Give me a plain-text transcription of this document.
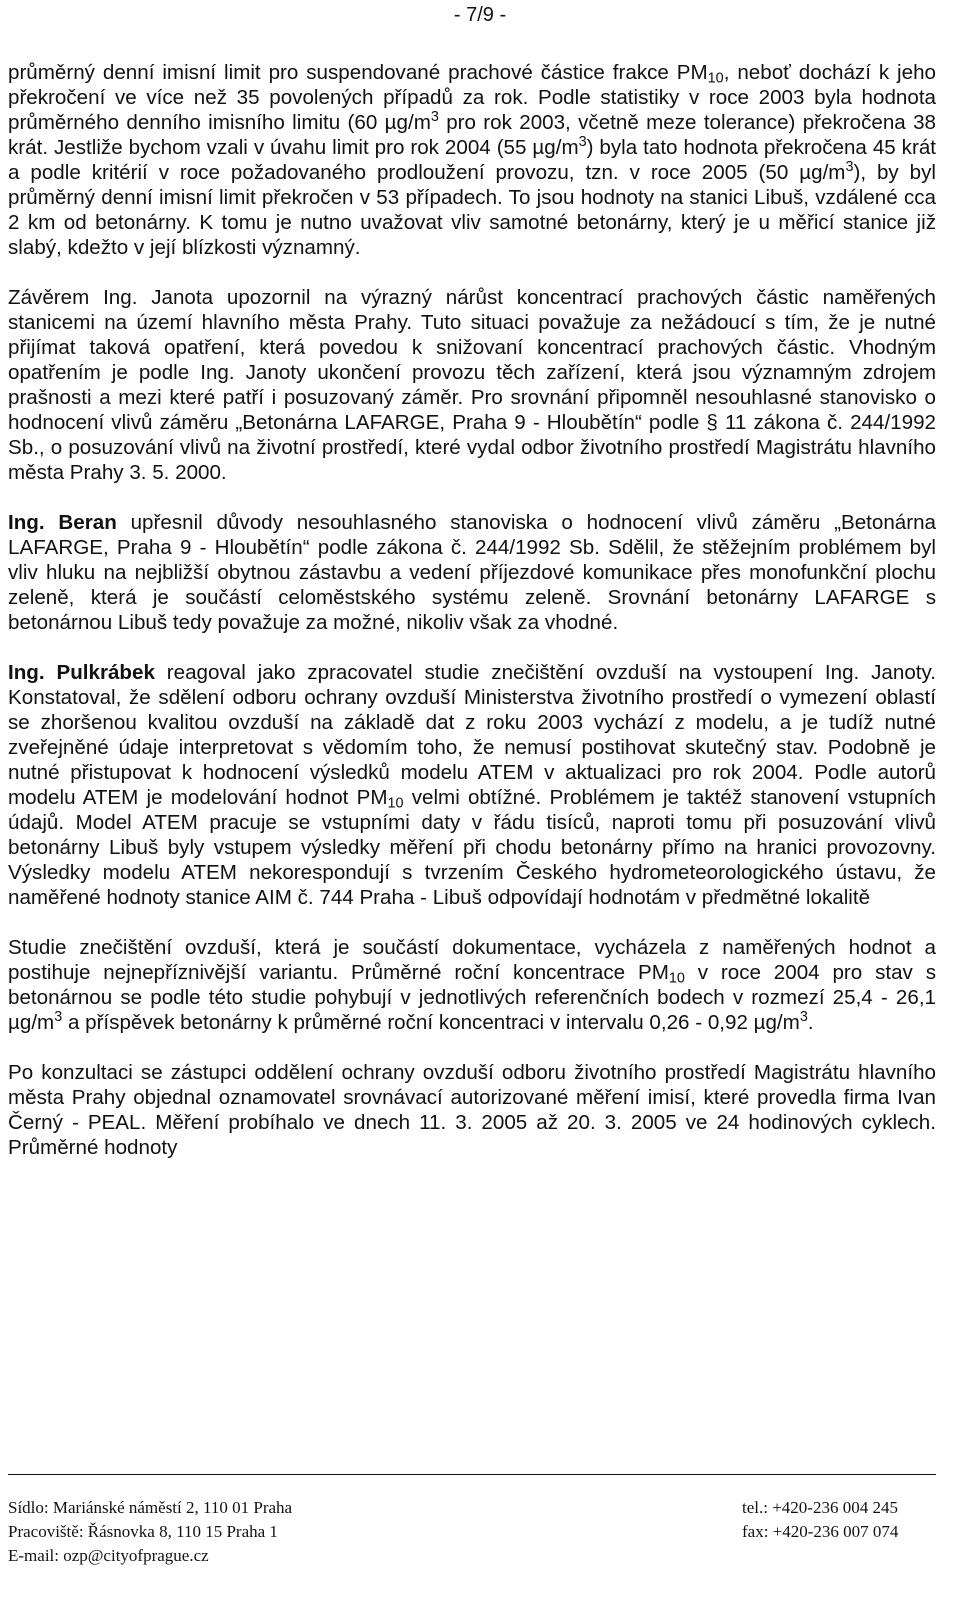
- 7/9 -

průměrný denní imisní limit pro suspendované prachové částice frakce $PM_{10}$, neboť dochází k jeho překročení ve více než 35 povolených případů za rok. Podle statistiky v roce 2003 byla hodnota průměrného denního imisního limitu (60 $\mu g/m^3$ pro rok 2003, včetně meze tolerance) překročena 38 krát. Jestliže bychom vzali v úvahu limit pro rok 2004 (55 $\mu g/m^3$) byla tato hodnota překročena 45 krát a podle kritérií v roce požadovaného prodloužení provozu, tzn. v roce 2005 (50 $\mu g/m^3$), by byl průměrný denní imisní limit překročen v 53 případech. To jsou hodnoty na stanici Libuš, vzdálené cca 2 km od betonárny. K tomu je nutno uvažovat vliv samotné betonárny, který je u měřicí stanice již slabý, kdežto v její blízkosti významný.

Závěrem Ing. Janota upozornil na výrazný nárůst koncentrací prachových částic naměřených stanicemi na území hlavního města Prahy. Tuto situaci považuje za nežádoucí s tím, že je nutné přijímat taková opatření, která povedou k snižovaní koncentrací prachových částic. Vhodným opatřením je podle Ing. Janoty ukončení provozu těch zařízení, která jsou významným zdrojem prašnosti a mezi které patří i posuzovaný záměr. Pro srovnání připomněl nesouhlasné stanovisko o hodnocení vlivů záměru „Betonárna LAFARGE, Praha 9 - Hloubětín“ podle § 11 zákona č. 244/1992 Sb., o posuzování vlivů na životní prostředí, které vydal odbor životního prostředí Magistrátu hlavního města Prahy 3. 5. 2000.

Ing. Beran upřesnil důvody nesouhlasného stanoviska o hodnocení vlivů záměru „Betonárna LAFARGE, Praha 9 - Hloubětín“ podle zákona č. 244/1992 Sb. Sdělil, že stěžejním problémem byl vliv hluku na nejbližší obytnou zástavbu a vedení příjezdové komunikace přes monofunkční plochu zeleně, která je součástí celoměstského systému zeleně. Srovnání betonárny LAFARGE s betonárnou Libuš tedy považuje za možné, nikoliv však za vhodné.

Ing. Pulkrábek reagoval jako zpracovatel studie znečištění ovzduší na vystoupení Ing. Janoty. Konstatoval, že sdělení odboru ochrany ovzduší Ministerstva životního prostředí o vymezení oblastí se zhoršenou kvalitou ovzduší na základě dat z roku 2003 vychází z modelu, a je tudíž nutné zveřejněné údaje interpretovat s vědomím toho, že nemusí postihovat skutečný stav. Podobně je nutné přistupovat k hodnocení výsledků modelu ATEM v aktualizaci pro rok 2004. Podle autorů modelu ATEM je modelování hodnot $PM_{10}$ velmi obtížné. Problémem je taktéž stanovení vstupních údajů. Model ATEM pracuje se vstupními daty v řádu tisíců, naproti tomu při posuzování vlivů betonárny Libuš byly vstupem výsledky měření při chodu betonárny přímo na hranici provozovny. Výsledky modelu ATEM nekorespondují s tvrzením Českého hydrometeorologického ústavu, že naměřené hodnoty stanice AIM č. 744 Praha - Libuš odpovídají hodnotám v předmětné lokalitě

Studie znečištění ovzduší, která je součástí dokumentace, vycházela z naměřených hodnot a postihuje nejnepříznivější variantu. Průměrné roční koncentrace $PM_{10}$ v roce 2004 pro stav s betonárnou se podle této studie pohybují v jednotlivých referenčních bodech v rozmezí 25,4 - 26,1 $\mu g/m^3$ a příspěvek betonárny k průměrné roční koncentraci v intervalu 0,26 - 0,92 $\mu g/m^3$.

Po konzultaci se zástupci oddělení ochrany ovzduší odboru životního prostředí Magistrátu hlavního města Prahy objednal oznamovatel srovnávací autorizované měření imisí, které provedla firma Ivan Černý - PEAL. Měření probíhalo ve dnech 11. 3. 2005 až 20. 3. 2005 ve 24 hodinových cyklech. Průměrné hodnoty

Sídlo: Mariánské náměstí 2, 110 01 Praha
Pracoviště: Řásnovka 8, 110 15 Praha 1
E-mail: ozp@cityofprague.cz
tel.: +420-236 004 245
fax: +420-236 007 074
